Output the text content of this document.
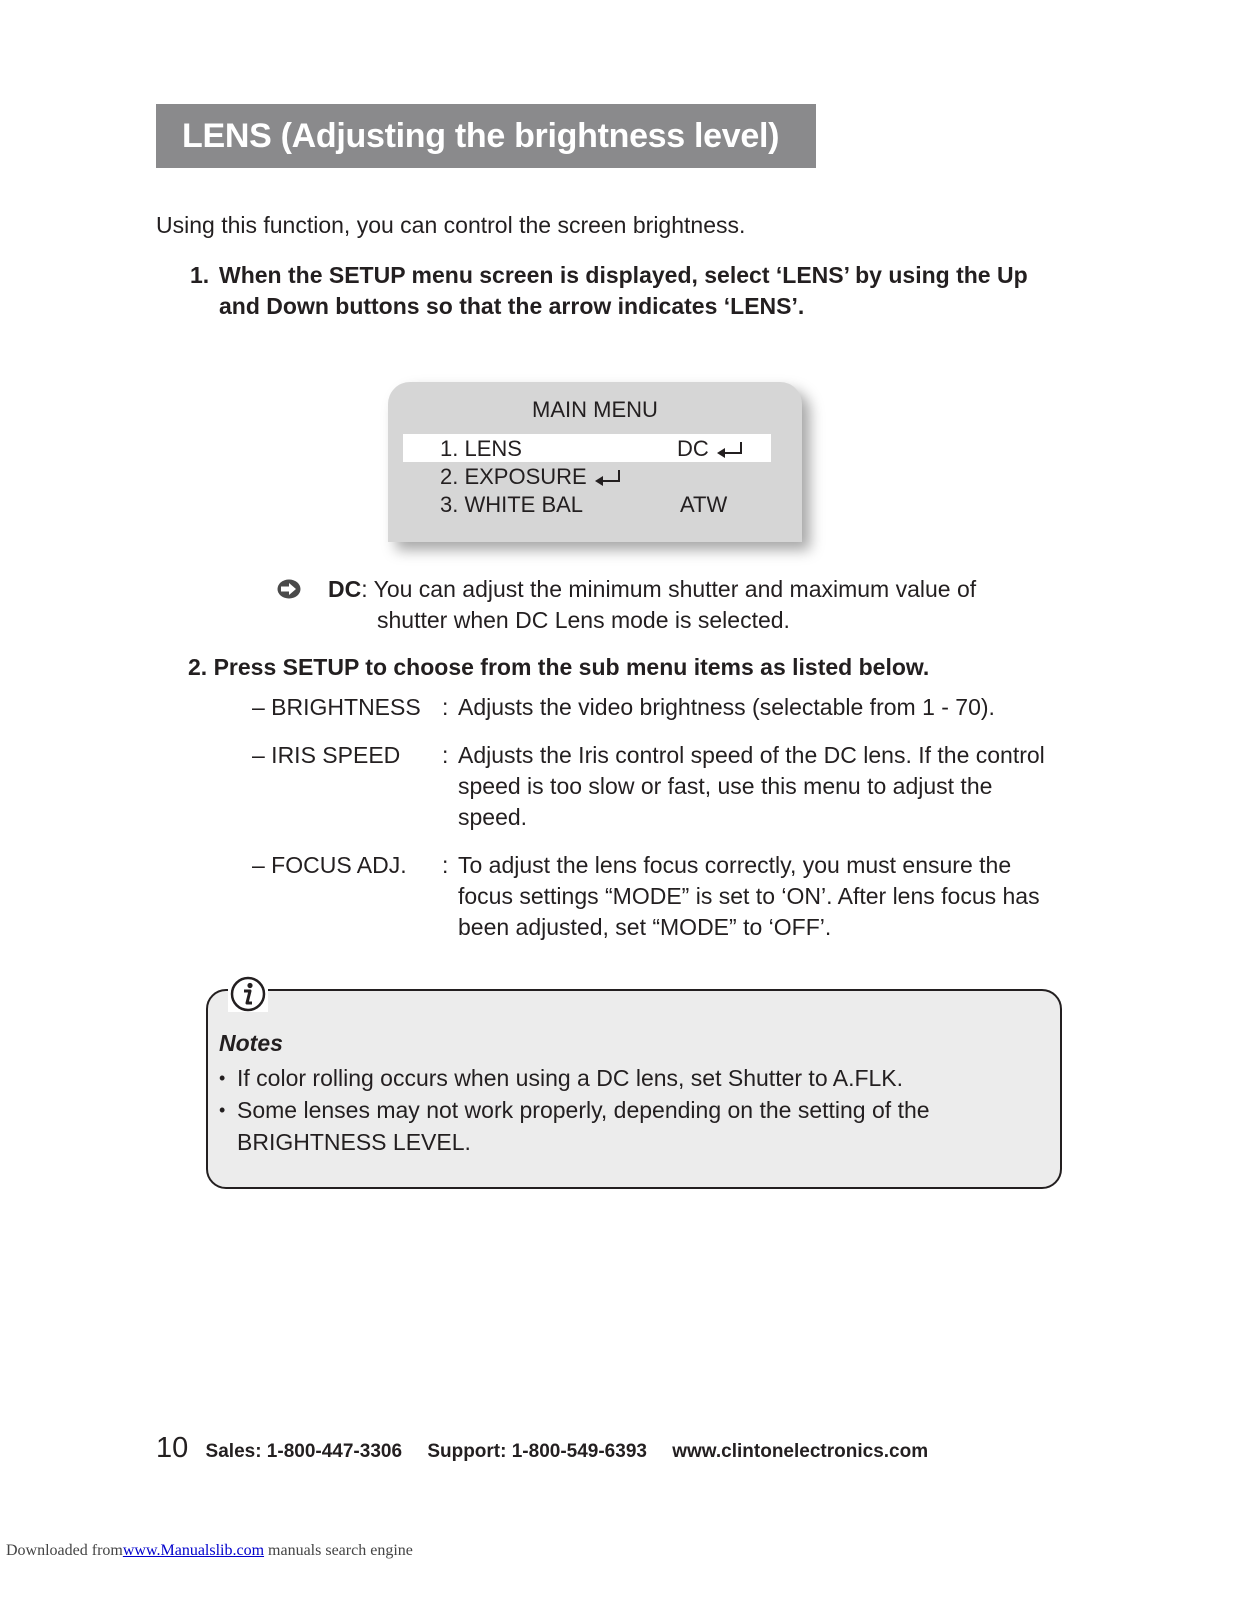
LENS (Adjusting the brightness level)
Using this function, you can control the screen brightness.
1. When the SETUP menu screen is displayed, select ‘LENS’ by using the Up
and Down buttons so that the arrow indicates ‘LENS’.
MAIN MENU
1. LENS	DC
2. EXPOSURE
3. WHITE BAL	ATW
DC: You can adjust the minimum shutter and maximum value of
shutter when DC Lens mode is selected.
2. Press SETUP to choose from the sub menu items as listed below.
– BRIGHTNESS : Adjusts the video brightness (selectable from 1 - 70).
– IRIS SPEED : Adjusts the Iris control speed of the DC lens. If the control speed is too slow or fast, use this menu to adjust the speed.
– FOCUS ADJ. : To adjust the lens focus correctly, you must ensure the focus settings “MODE” is set to ‘ON’. After lens focus has been adjusted, set “MODE” to ‘OFF’.
Notes
• If color rolling occurs when using a DC lens, set Shutter to A.FLK.
• Some lenses may not work properly, depending on the setting of the BRIGHTNESS LEVEL.
10 Sales: 1-800-447-3306 Support: 1-800-549-6393 www.clintonelectronics.com
Downloaded fromwww.Manualslib.com manuals search engine
